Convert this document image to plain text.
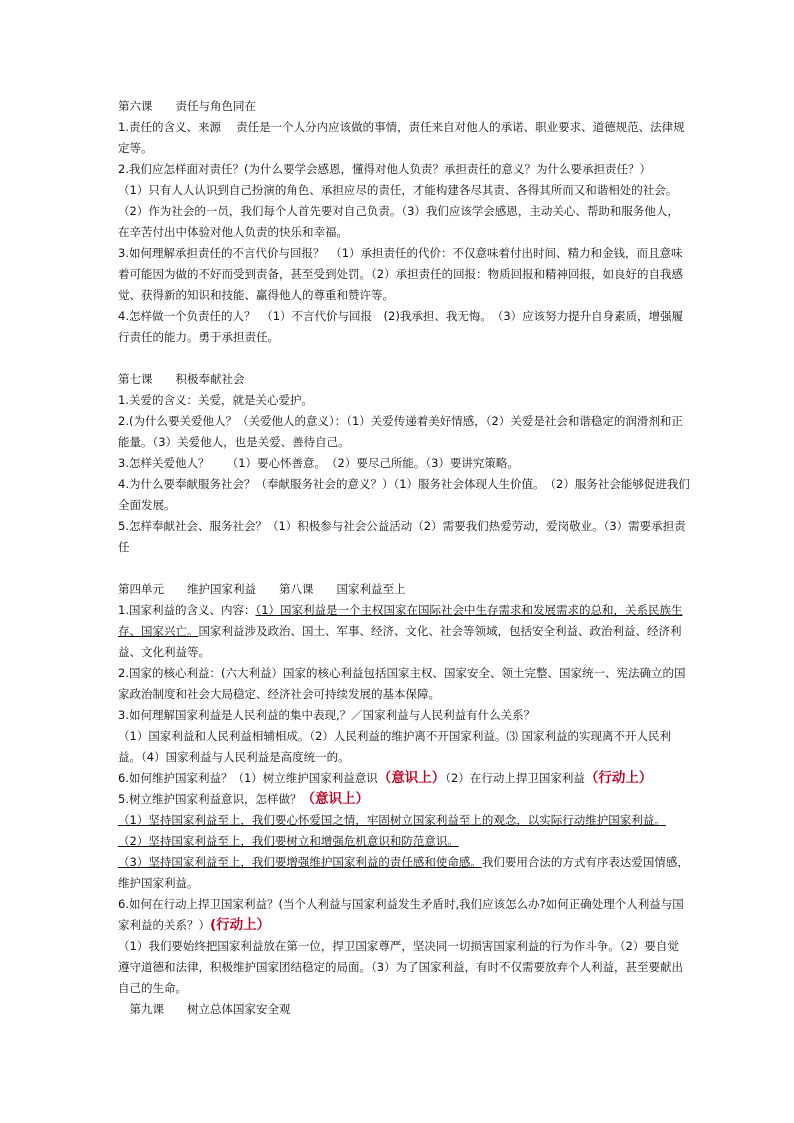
第六课　　责任与角色同在

1.责任的含义、来源　 责任是一个人分内应该做的事情，责任来自对他人的承诺、职业要求、道德规范、法律规定等。

2.我们应怎样面对责任？(为什么要学会感恩，懂得对他人负责？承担责任的意义？为什么要承担责任？）

（1）只有人人认识到自己扮演的角色、承担应尽的责任，才能构建各尽其责、各得其所而又和谐相处的社会。（2）作为社会的一员，我们每个人首先要对自己负责。（3）我们应该学会感恩，主动关心、帮助和服务他人，在辛苦付出中体验对他人负责的快乐和幸福。

3.如何理解承担责任的不言代价与回报？　（1）承担责任的代价：不仅意味着付出时间、精力和金钱，而且意味着可能因为做的不好而受到责备，甚至受到处罚。（2）承担责任的回报：物质回报和精神回报，如良好的自我感觉、获得新的知识和技能、赢得他人的尊重和赞许等。

4.怎样做一个负责任的人？　（1）不言代价与回报　(2)我承担、我无悔。　（3）应该努力提升自身素质，增强履行责任的能力。勇于承担责任。

第七课　　积极奉献社会

1.关爱的含义：关爱，就是关心爱护。

2.(为什么要关爱他人？（关爱他人的意义）：（1）关爱传递着美好情感，（2）关爱是社会和谐稳定的润滑剂和正能量。（3）关爱他人，也是关爱、善待自己。

3.怎样关爱他人？　　（1）要心怀善意。　（2）要尽己所能。（3）要讲究策略。

4.为什么要奉献服务社会？（奉献服务社会的意义？）（1）服务社会体现人生价值。　（2）服务社会能够促进我们全面发展。

5.怎样奉献社会、服务社会？（1）积极参与社会公益活动（2）需要我们热爱劳动，爱岗敬业。（3）需要承担责任

第四单元　　维护国家利益　　第八课　　国家利益至上

1.国家利益的含义、内容：（1）国家利益是一个主权国家在国际社会中生存需求和发展需求的总和，关系民族生存、国家兴亡。国家利益涉及政治、国土、军事、经济、文化、社会等领域，包括安全利益、政治利益、经济利益、文化利益等。

2.国家的核心利益：(六大利益）国家的核心利益包括国家主权、国家安全、领土完整、国家统一、宪法确立的国家政治制度和社会大局稳定、经济社会可持续发展的基本保障。

3.如何理解国家利益是人民利益的集中表现,？／国家利益与人民利益有什么关系？

（1）国家利益和人民利益相辅相成。（2）人民利益的维护离不开国家利益。⑶ 国家利益的实现离不开人民利益。（4）国家利益与人民利益是高度统一的。

6.如何维护国家利益？（1）树立维护国家利益意识（意识上）（2）在行动上捍卫国家利益（行动上）

5.树立维护国家利益意识，怎样做？（意识上）

（1）坚持国家利益至上，我们要心怀爱国之情，牢固树立国家利益至上的观念，以实际行动维护国家利益。

（2）坚持国家利益至上，我们要树立和增强危机意识和防范意识。

（3）坚持国家利益至上，我们要增强维护国家利益的责任感和使命感。我们要用合法的方式有序表达爱国情感，维护国家利益。

6.如何在行动上捍卫国家利益？(当个人利益与国家利益发生矛盾时,我们应该怎么办?如何正确处理个人利益与国家利益的关系？）(行动上）

（1）我们要始终把国家利益放在第一位，捍卫国家尊严，坚决同一切损害国家利益的行为作斗争。（2）要自觉遵守道德和法律，积极维护国家团结稳定的局面。（3）为了国家利益，有时不仅需要放弃个人利益，甚至要献出自己的生命。

　第九课　　树立总体国家安全观
